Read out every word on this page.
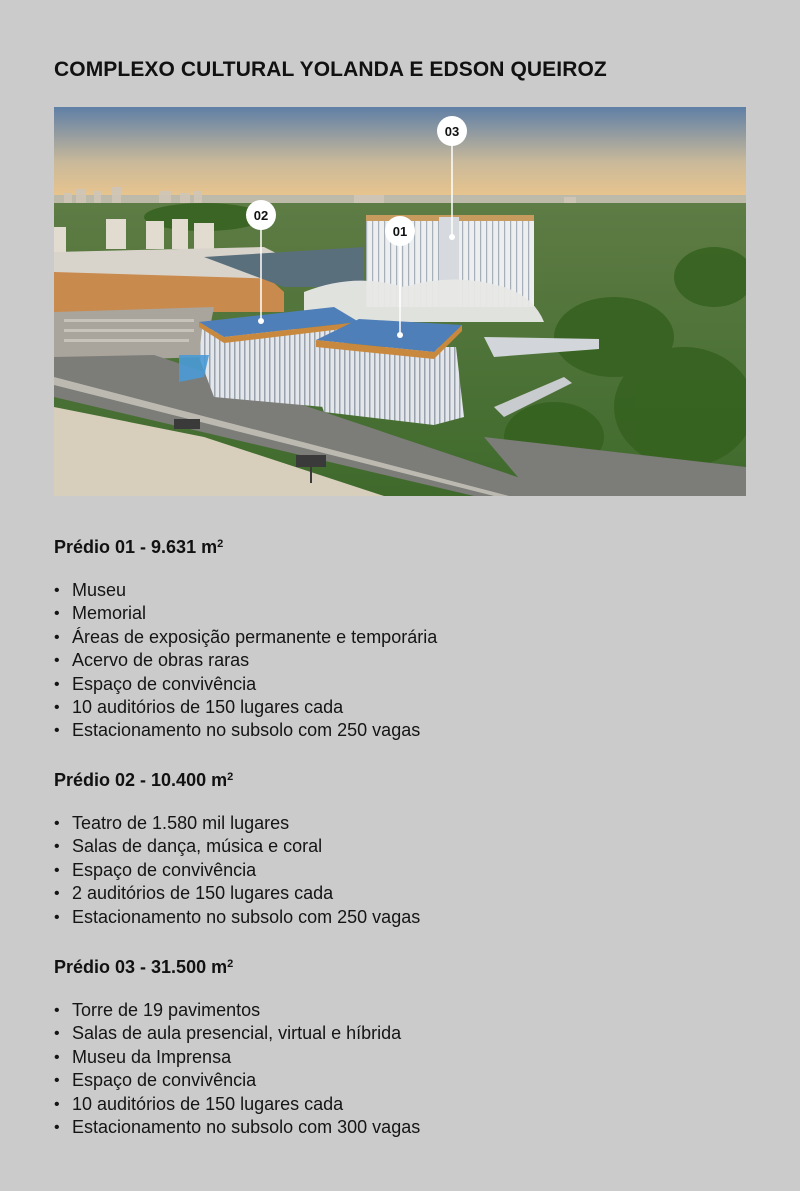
COMPLEXO CULTURAL YOLANDA E EDSON QUEIROZ
01
02
03
Prédio 01 - 9.631 $m^2$
• Museu
• Memorial
• Áreas de exposição permanente e temporária
• Acervo de obras raras
• Espaço de convivência
• 10 auditórios de 150 lugares cada
• Estacionamento no subsolo com 250 vagas
Prédio 02 - 10.400 $m^2$
• Teatro de 1.580 mil lugares
• Salas de dança, música e coral
• Espaço de convivência
• 2 auditórios de 150 lugares cada
• Estacionamento no subsolo com 250 vagas
Prédio 03 - 31.500 $m^2$
• Torre de 19 pavimentos
• Salas de aula presencial, virtual e híbrida
• Museu da Imprensa
• Espaço de convivência
• 10 auditórios de 150 lugares cada
• Estacionamento no subsolo com 300 vagas
